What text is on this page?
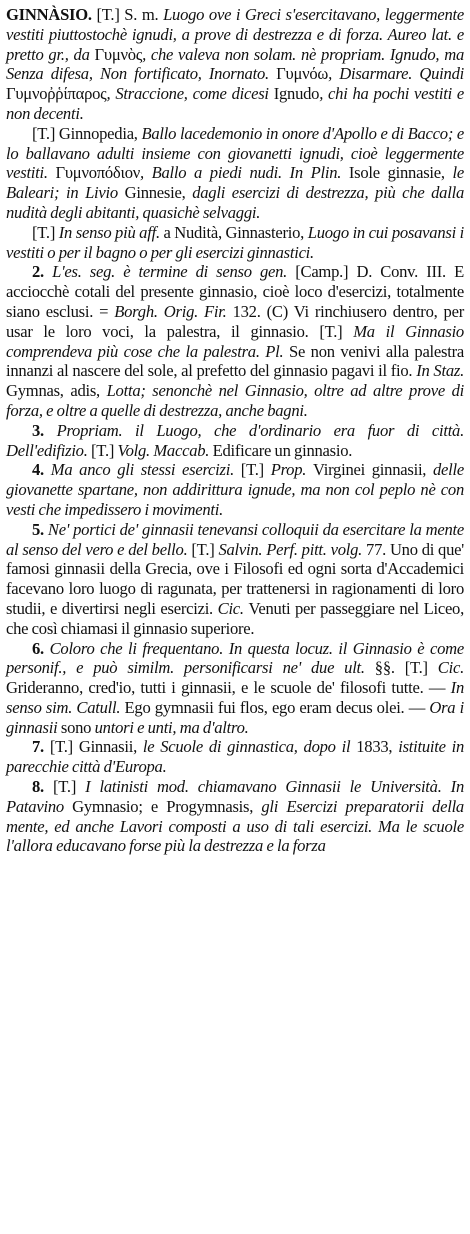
GINNÀSIO. [T.] S. m. Luogo ove i Greci s'esercitavano, leggermente vestiti piuttostochè ignudi, a prove di destrezza e di forza. Aureo lat. e pretto gr., da Γυμνὸς, che valeva non solam. nè propriam. Ignudo, ma Senza difesa, Non fortificato, Inornato. Γυμνόω, Disarmare. Quindi Γυμνοῤῥίπαρος, Straccione, come dicesi Ignudo, chi ha pochi vestiti e non decenti.

[T.] Ginnopedia, Ballo lacedemonio in onore d'Apollo e di Bacco; e lo ballavano adulti insieme con giovanetti ignudi, cioè leggermente vestiti. Γυμνοπόδιον, Ballo a piedi nudi. In Plin. Isole ginnasie, le Baleari; in Livio Ginnesie, dagli esercizi di destrezza, più che dalla nudità degli abitanti, quasichè selvaggi.

[T.] In senso più aff. a Nudità, Ginnasterio, Luogo in cui posavansi i vestiti o per il bagno o per gli esercizi ginnastici.

2. L'es. seg. è termine di senso gen. [Camp.] D. Conv. III. E acciocchè cotali del presente ginnasio, cioè loco d'esercizi, totalmente siano esclusi. = Borgh. Orig. Fir. 132. (C) Vi rinchiusero dentro, per usar le loro voci, la palestra, il ginnasio. [T.] Ma il Ginnasio comprendeva più cose che la palestra. Pl. Se non venivi alla palestra innanzi al nascere del sole, al prefetto del ginnasio pagavi il fio. In Staz. Gymnas, adis, Lotta; senonchè nel Ginnasio, oltre ad altre prove di forza, e oltre a quelle di destrezza, anche bagni.

3. Propriam. il Luogo, che d'ordinario era fuor di città. Dell'edifizio. [T.] Volg. Maccab. Edificare un ginnasio.

4. Ma anco gli stessi esercizi. [T.] Prop. Virginei ginnasii, delle giovanette spartane, non addirittura ignude, ma non col peplo nè con vesti che impedissero i movimenti.

5. Ne' portici de' ginnasii tenevansi colloquii da esercitare la mente al senso del vero e del bello. [T.] Salvin. Perf. pitt. volg. 77. Uno di que' famosi ginnasii della Grecia, ove i Filosofi ed ogni sorta d'Accademici facevano loro luogo di ragunata, per trattenersi in ragionamenti di loro studii, e divertirsi negli esercizi. Cic. Venuti per passeggiare nel Liceo, che così chiamasi il ginnasio superiore.

6. Coloro che li frequentano. In questa locuz. il Ginnasio è come personif., e può similm. personificarsi ne' due ult. §§. [T.] Cic. Grideranno, cred'io, tutti i ginnasii, e le scuole de' filosofi tutte. — In senso sim. Catull. Ego gymnasii fui flos, ego eram decus olei. — Ora i ginnasii sono untori e unti, ma d'altro.

7. [T.] Ginnasii, le Scuole di ginnastica, dopo il 1833, istituite in parecchie città d'Europa.

8. [T.] I latinisti mod. chiamavano Ginnasii le Università. In Patavino Gymnasio; e Progymnasis, gli Esercizi preparatorii della mente, ed anche Lavori composti a uso di tali esercizi. Ma le scuole l'allora educavano forse più la destrezza e la forza
